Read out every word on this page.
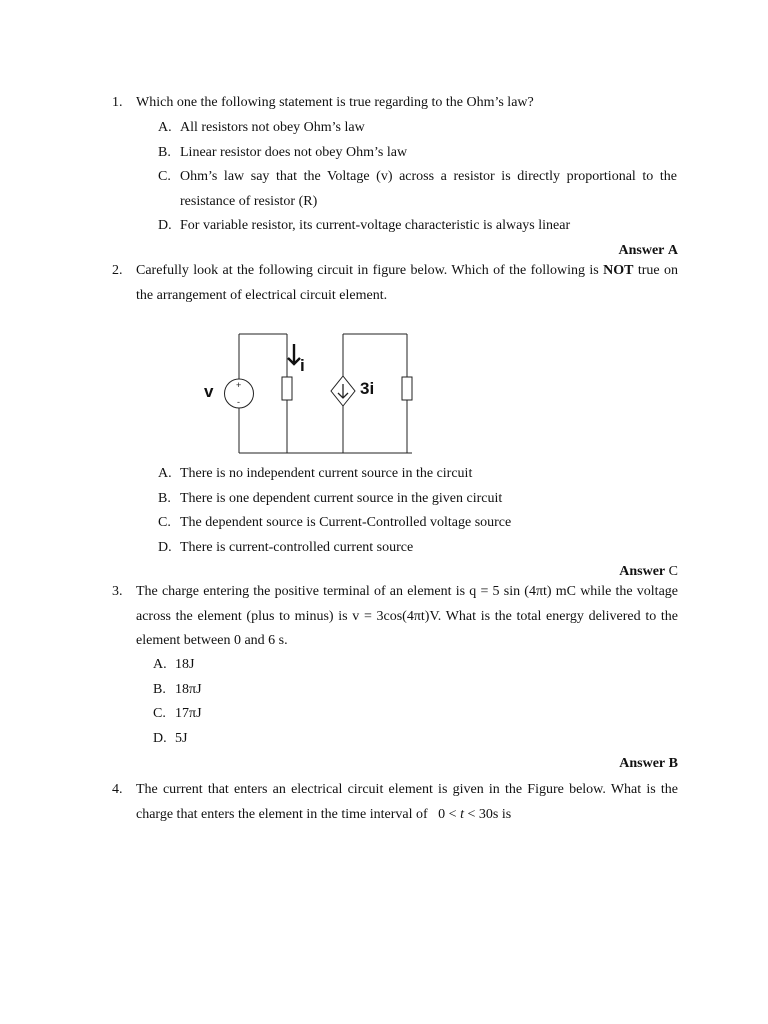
1. Which one the following statement is true regarding to the Ohm’s law?
A. All resistors not obey Ohm’s law
B. Linear resistor does not obey Ohm’s law
C. Ohm’s law say that the Voltage (v) across a resistor is directly proportional to the resistance of resistor (R)
D. For variable resistor, its current-voltage characteristic is always linear
Answer A
2. Carefully look at the following circuit in figure below. Which of the following is NOT true on the arrangement of electrical circuit element.
i
3i
v	+
-
A. There is no independent current source in the circuit
B. There is one dependent current source in the given circuit
C. The dependent source is Current-Controlled voltage source
D. There is current-controlled current source
Answer C
3. The charge entering the positive terminal of an element is q = 5 sin (4πt) mC while the voltage across the element (plus to minus) is v = 3cos(4πt)V. What is the total energy delivered to the element between 0 and 6 s.
A. 18J
B. 18πJ
C. 17πJ
D. 5J
Answer B
4. The current that enters an electrical circuit element is given in the Figure below. What is the charge that enters the element in the time interval of   0 < t < 30s is
